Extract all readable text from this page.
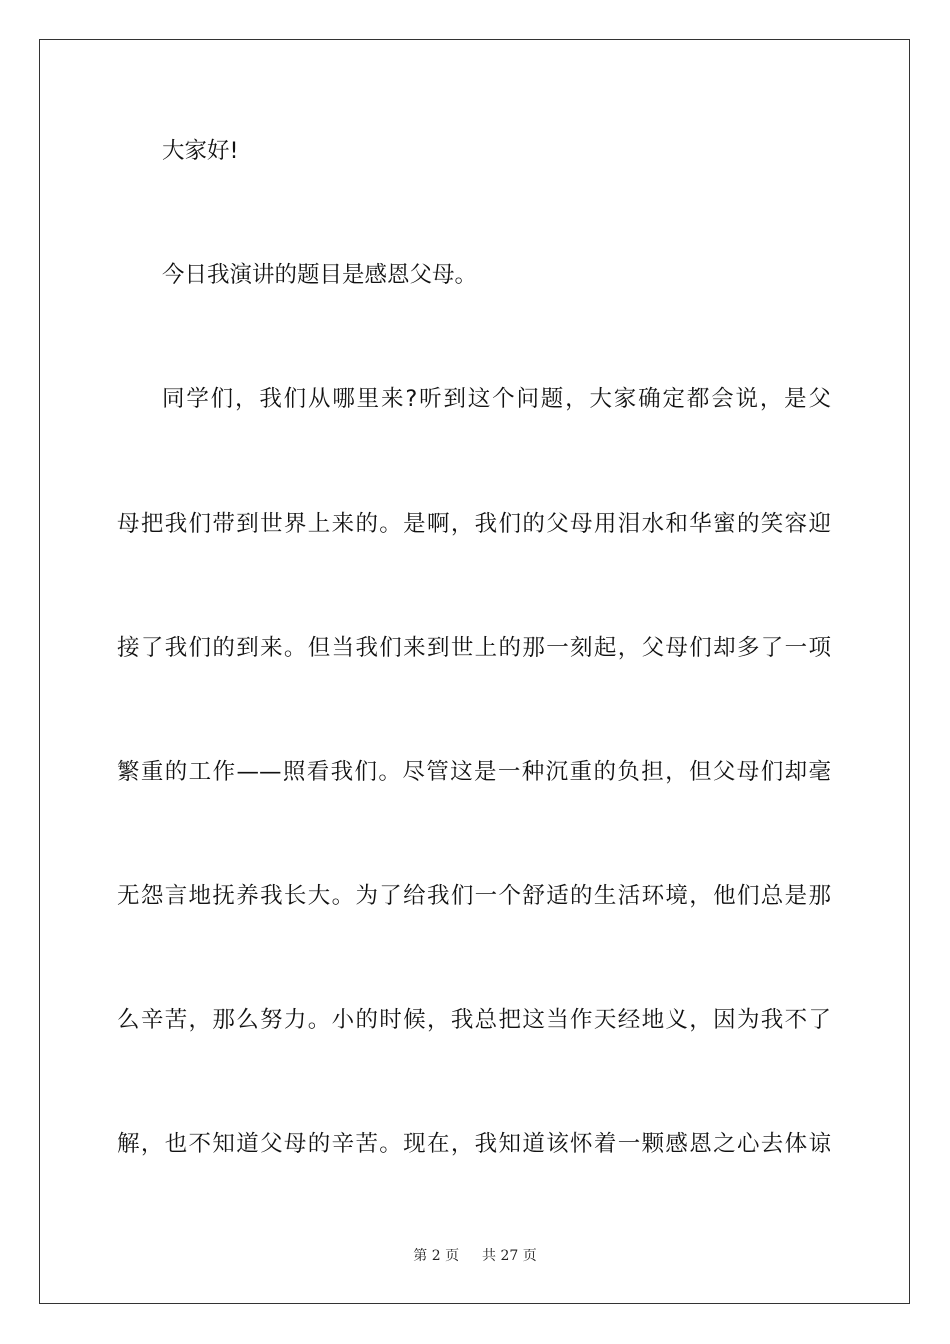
大家好!
今日我演讲的题目是感恩父母。
同学们，我们从哪里来?听到这个问题，大家确定都会说，是父
母把我们带到世界上来的。是啊，我们的父母用泪水和华蜜的笑容迎
接了我们的到来。但当我们来到世上的那一刻起，父母们却多了一项
繁重的工作——照看我们。尽管这是一种沉重的负担，但父母们却毫
无怨言地抚养我长大。为了给我们一个舒适的生活环境，他们总是那
么辛苦，那么努力。小的时候，我总把这当作天经地义，因为我不了
解，也不知道父母的辛苦。现在，我知道该怀着一颗感恩之心去体谅
第 2 页 共 27 页
